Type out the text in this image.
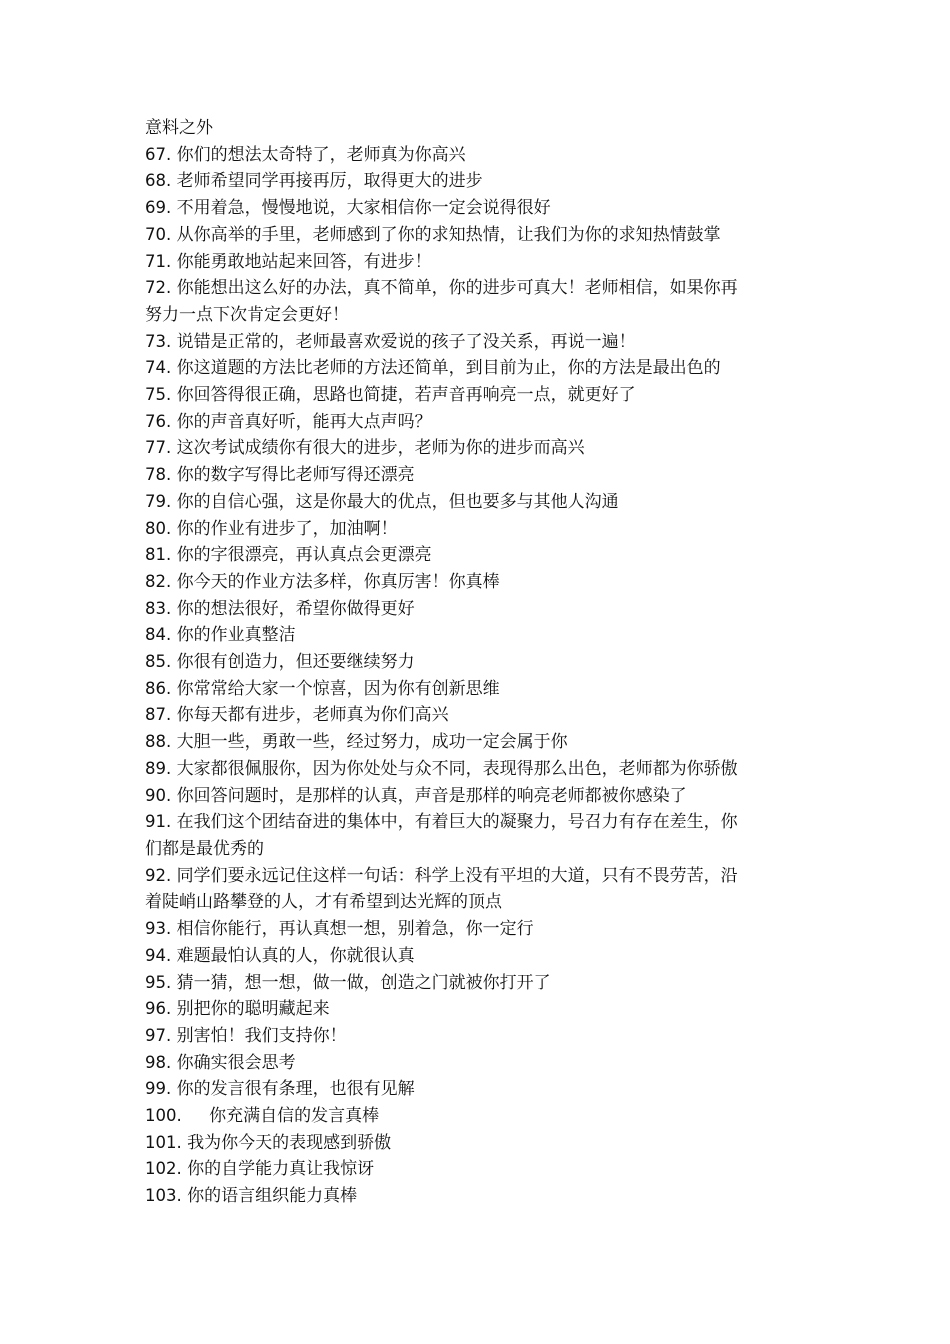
意料之外
67. 你们的想法太奇特了，老师真为你高兴
68. 老师希望同学再接再厉，取得更大的进步
69. 不用着急，慢慢地说，大家相信你一定会说得很好
70. 从你高举的手里，老师感到了你的求知热情，让我们为你的求知热情鼓掌
71. 你能勇敢地站起来回答，有进步！
72. 你能想出这么好的办法，真不简单，你的进步可真大！老师相信，如果你再
努力一点下次肯定会更好！
73. 说错是正常的，老师最喜欢爱说的孩子了没关系，再说一遍！
74. 你这道题的方法比老师的方法还简单，到目前为止，你的方法是最出色的
75. 你回答得很正确，思路也简捷，若声音再响亮一点，就更好了
76. 你的声音真好听，能再大点声吗？
77. 这次考试成绩你有很大的进步，老师为你的进步而高兴
78. 你的数字写得比老师写得还漂亮
79. 你的自信心强，这是你最大的优点，但也要多与其他人沟通
80. 你的作业有进步了，加油啊！
81. 你的字很漂亮，再认真点会更漂亮
82. 你今天的作业方法多样，你真厉害！你真棒
83. 你的想法很好，希望你做得更好
84. 你的作业真整洁
85. 你很有创造力，但还要继续努力
86. 你常常给大家一个惊喜，因为你有创新思维
87. 你每天都有进步，老师真为你们高兴
88. 大胆一些，勇敢一些，经过努力，成功一定会属于你
89. 大家都很佩服你，因为你处处与众不同，表现得那么出色，老师都为你骄傲
90. 你回答问题时，是那样的认真，声音是那样的响亮老师都被你感染了
91. 在我们这个团结奋进的集体中，有着巨大的凝聚力，号召力有存在差生，你
们都是最优秀的
92. 同学们要永远记住这样一句话：科学上没有平坦的大道，只有不畏劳苦，沿
着陡峭山路攀登的人，才有希望到达光辉的顶点
93. 相信你能行，再认真想一想，别着急，你一定行
94. 难题最怕认真的人，你就很认真
95. 猜一猜，想一想，做一做，创造之门就被你打开了
96. 别把你的聪明藏起来
97. 别害怕！我们支持你！
98. 你确实很会思考
99. 你的发言很有条理，也很有见解
100. 你充满自信的发言真棒
101. 我为你今天的表现感到骄傲
102. 你的自学能力真让我惊讶
103. 你的语言组织能力真棒
